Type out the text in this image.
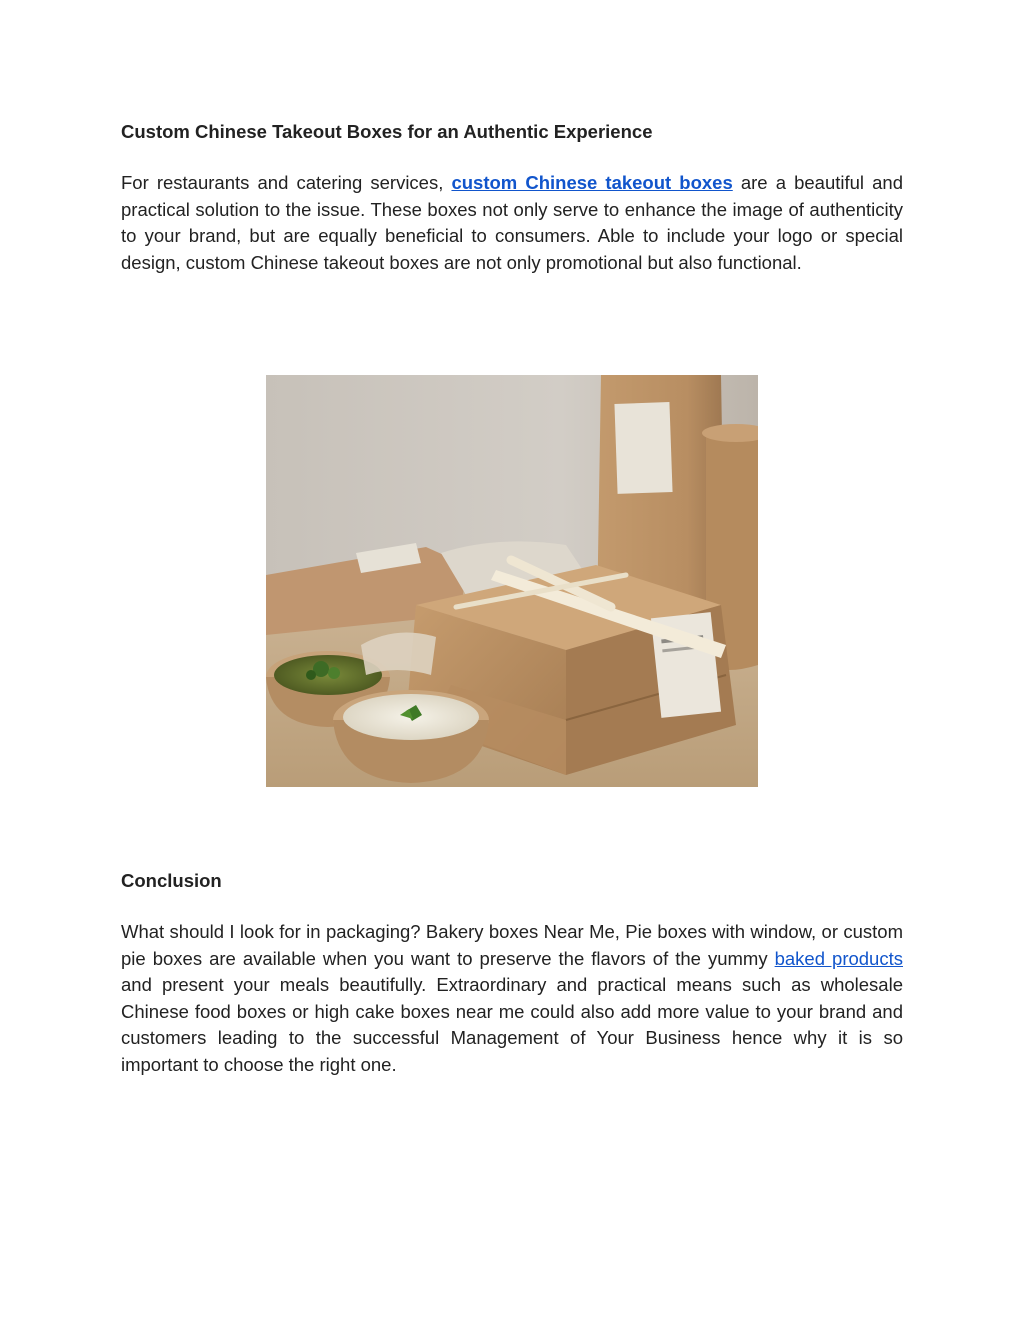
Custom Chinese Takeout Boxes for an Authentic Experience
For restaurants and catering services, custom Chinese takeout boxes are a beautiful and practical solution to the issue. These boxes not only serve to enhance the image of authenticity to your brand, but are equally beneficial to consumers. Able to include your logo or special design, custom Chinese takeout boxes are not only promotional but also functional.
Conclusion
What should I look for in packaging? Bakery boxes Near Me, Pie boxes with window, or custom pie boxes are available when you want to preserve the flavors of the yummy baked products and present your meals beautifully. Extraordinary and practical means such as wholesale Chinese food boxes or high cake boxes near me could also add more value to your brand and customers leading to the successful Management of Your Business hence why it is so important to choose the right one.
